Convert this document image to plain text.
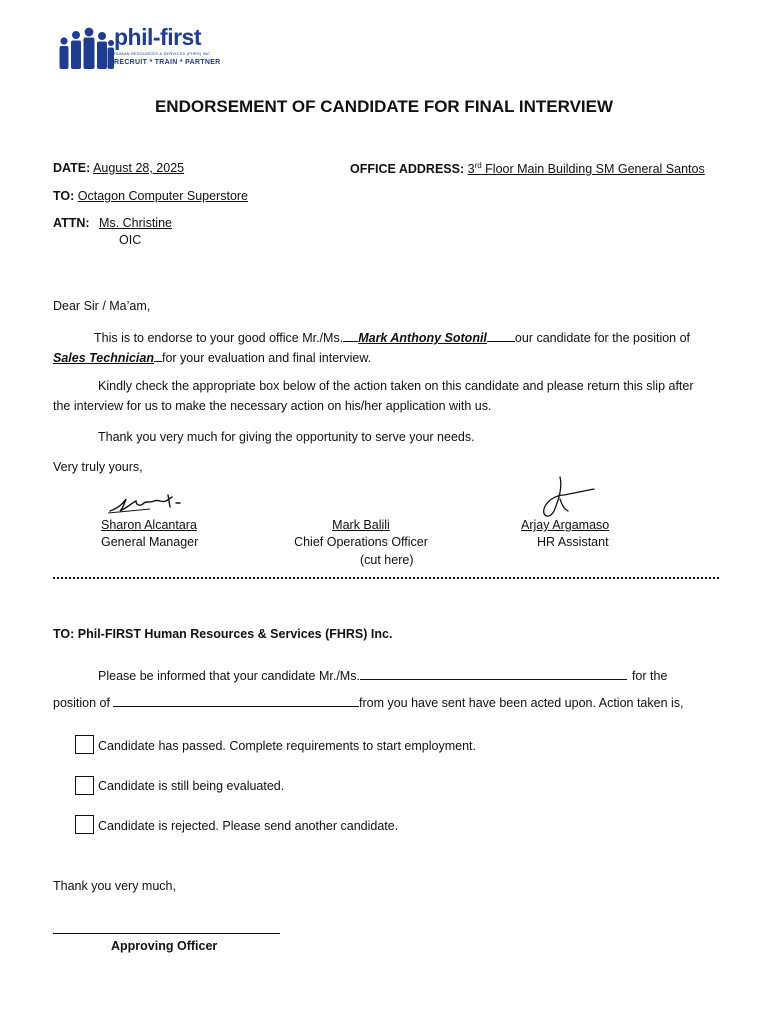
phil-first
HUMAN RESOURCES & SERVICES (FHRS) INC
RECRUIT * TRAIN * PARTNER
ENDORSEMENT OF CANDIDATE FOR FINAL INTERVIEW
DATE: August 28, 2025	OFFICE ADDRESS: 3rd Floor Main Building SM General Santos
TO: Octagon Computer Superstore
ATTN: Ms. Christine
OIC
Dear Sir / Ma’am,
This is to endorse to your good office Mr./Ms. Mark Anthony Sotonil our candidate for the position of
Sales Technician for your evaluation and final interview.
Kindly check the appropriate box below of the action taken on this candidate and please return this slip after
the interview for us to make the necessary action on his/her application with us.
Thank you very much for giving the opportunity to serve your needs.
Very truly yours,
Sharon Alcantara
General Manager
Mark Balili
Chief Operations Officer
Arjay Argamaso
HR Assistant
(cut here)
TO: Phil-FIRST Human Resources & Services (FHRS) Inc.
Please be informed that your candidate Mr./Ms.	for the
position of	from you have sent have been acted upon. Action taken is,
Candidate has passed. Complete requirements to start employment.
Candidate is still being evaluated.
Candidate is rejected. Please send another candidate.
Thank you very much,
Approving Officer
